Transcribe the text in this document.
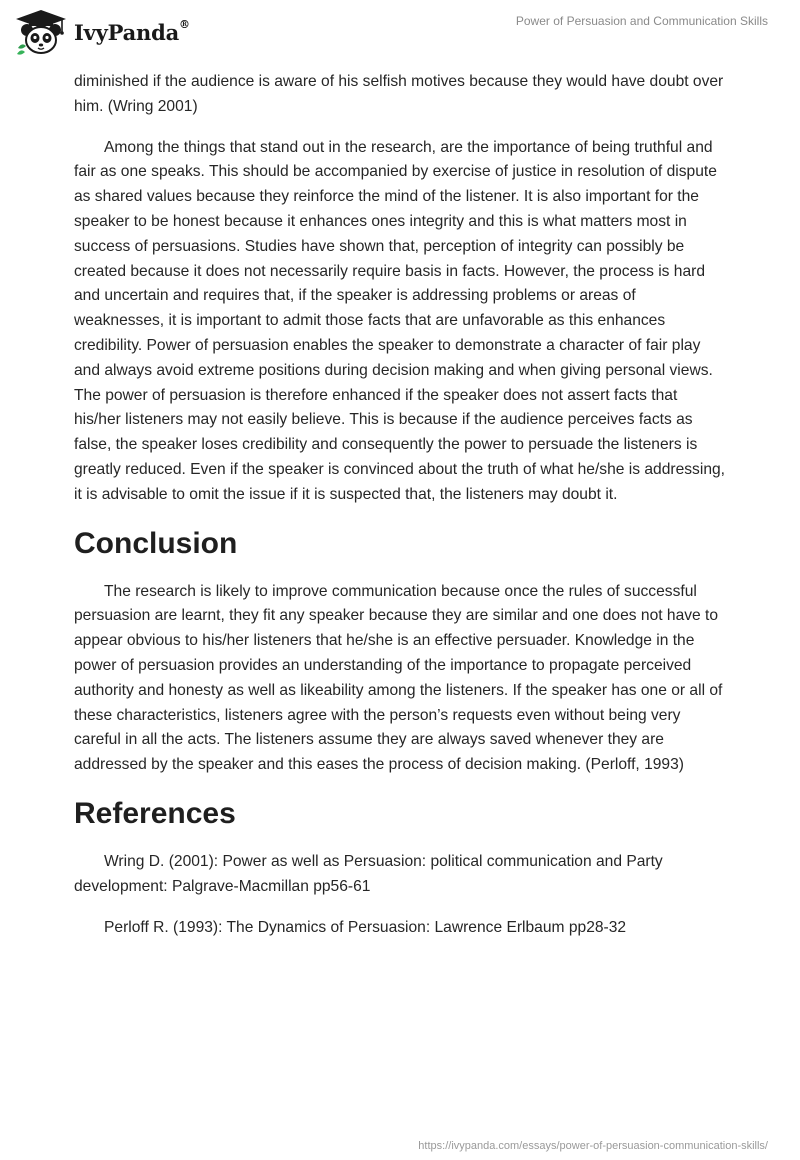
IvyPanda®	Power of Persuasion and Communication Skills

diminished if the audience is aware of his selfish motives because they would have doubt over him. (Wring 2001)

Among the things that stand out in the research, are the importance of being truthful and fair as one speaks. This should be accompanied by exercise of justice in resolution of dispute as shared values because they reinforce the mind of the listener. It is also important for the speaker to be honest because it enhances ones integrity and this is what matters most in success of persuasions. Studies have shown that, perception of integrity can possibly be created because it does not necessarily require basis in facts. However, the process is hard and uncertain and requires that, if the speaker is addressing problems or areas of weaknesses, it is important to admit those facts that are unfavorable as this enhances credibility. Power of persuasion enables the speaker to demonstrate a character of fair play and always avoid extreme positions during decision making and when giving personal views. The power of persuasion is therefore enhanced if the speaker does not assert facts that his/her listeners may not easily believe. This is because if the audience perceives facts as false, the speaker loses credibility and consequently the power to persuade the listeners is greatly reduced. Even if the speaker is convinced about the truth of what he/she is addressing, it is advisable to omit the issue if it is suspected that, the listeners may doubt it.

Conclusion

The research is likely to improve communication because once the rules of successful persuasion are learnt, they fit any speaker because they are similar and one does not have to appear obvious to his/her listeners that he/she is an effective persuader. Knowledge in the power of persuasion provides an understanding of the importance to propagate perceived authority and honesty as well as likeability among the listeners. If the speaker has one or all of these characteristics, listeners agree with the person’s requests even without being very careful in all the acts. The listeners assume they are always saved whenever they are addressed by the speaker and this eases the process of decision making. (Perloff, 1993)

References

Wring D. (2001): Power as well as Persuasion: political communication and Party development: Palgrave-Macmillan pp56-61

Perloff R. (1993): The Dynamics of Persuasion: Lawrence Erlbaum pp28-32

https://ivypanda.com/essays/power-of-persuasion-communication-skills/
